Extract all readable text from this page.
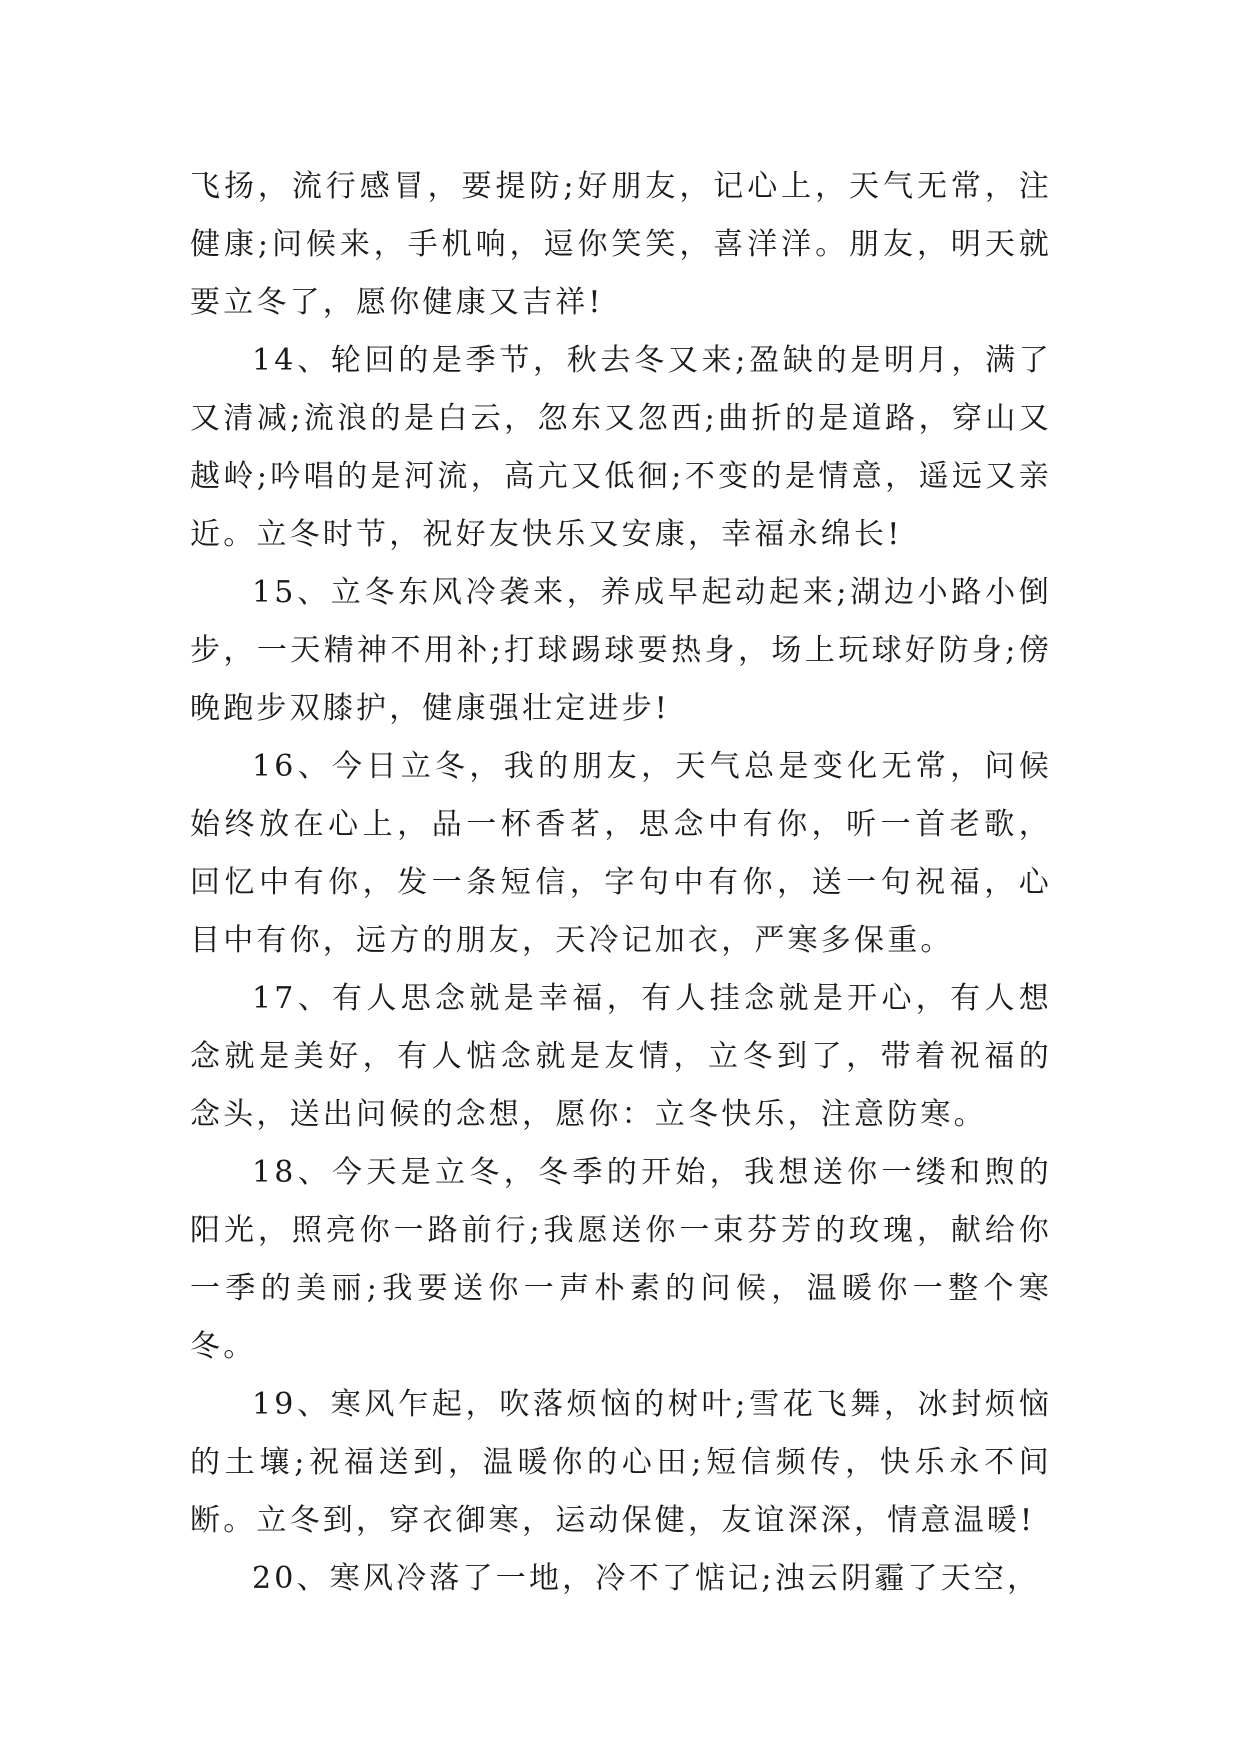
飞扬，流行感冒，要提防;好朋友，记心上，天气无常，注健康;问候来，手机响，逗你笑笑，喜洋洋。朋友，明天就要立冬了，愿你健康又吉祥!

14、轮回的是季节，秋去冬又来;盈缺的是明月，满了又清减;流浪的是白云，忽东又忽西;曲折的是道路，穿山又越岭;吟唱的是河流，高亢又低徊;不变的是情意，遥远又亲近。立冬时节，祝好友快乐又安康，幸福永绵长!

15、立冬东风冷袭来，养成早起动起来;湖边小路小倒步，一天精神不用补;打球踢球要热身，场上玩球好防身;傍晚跑步双膝护，健康强壮定进步!

16、今日立冬，我的朋友，天气总是变化无常，问候始终放在心上，品一杯香茗，思念中有你，听一首老歌，回忆中有你，发一条短信，字句中有你，送一句祝福，心目中有你，远方的朋友，天冷记加衣，严寒多保重。

17、有人思念就是幸福，有人挂念就是开心，有人想念就是美好，有人惦念就是友情，立冬到了，带着祝福的念头，送出问候的念想，愿你：立冬快乐，注意防寒。

18、今天是立冬，冬季的开始，我想送你一缕和煦的阳光，照亮你一路前行;我愿送你一束芬芳的玫瑰，献给你一季的美丽;我要送你一声朴素的问候，温暖你一整个寒冬。

19、寒风乍起，吹落烦恼的树叶;雪花飞舞，冰封烦恼的土壤;祝福送到，温暖你的心田;短信频传，快乐永不间断。立冬到，穿衣御寒，运动保健，友谊深深，情意温暖!

20、寒风冷落了一地，冷不了惦记;浊云阴霾了天空，
